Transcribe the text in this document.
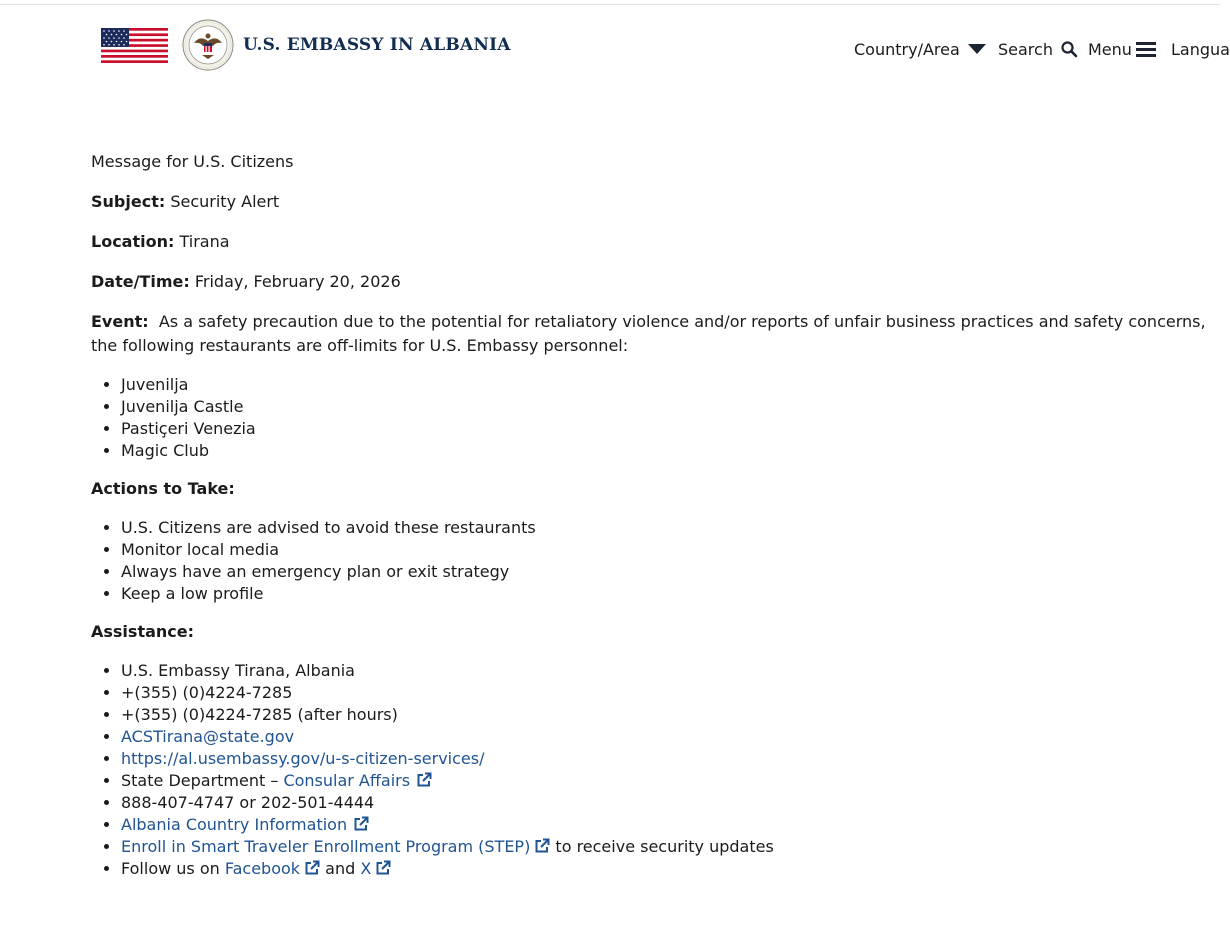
U.S. EMBASSY IN ALBANIA	Country/Area Search Menu Langua

Message for U.S. Citizens

Subject: Security Alert

Location: Tirana

Date/Time: Friday, February 20, 2026

Event: As a safety precaution due to the potential for retaliatory violence and/or reports of unfair business practices and safety concerns, the following restaurants are off-limits for U.S. Embassy personnel:

• Juvenilja
• Juvenilja Castle
• Pastiçeri Venezia
• Magic Club

Actions to Take:

• U.S. Citizens are advised to avoid these restaurants
• Monitor local media
• Always have an emergency plan or exit strategy
• Keep a low profile

Assistance:

• U.S. Embassy Tirana, Albania
• +(355) (0)4224-7285
• +(355) (0)4224-7285 (after hours)
• ACSTirana@state.gov
• https://al.usembassy.gov/u-s-citizen-services/
• State Department – Consular Affairs
• 888-407-4747 or 202-501-4444
• Albania Country Information
• Enroll in Smart Traveler Enrollment Program (STEP) to receive security updates
• Follow us on Facebook and X
